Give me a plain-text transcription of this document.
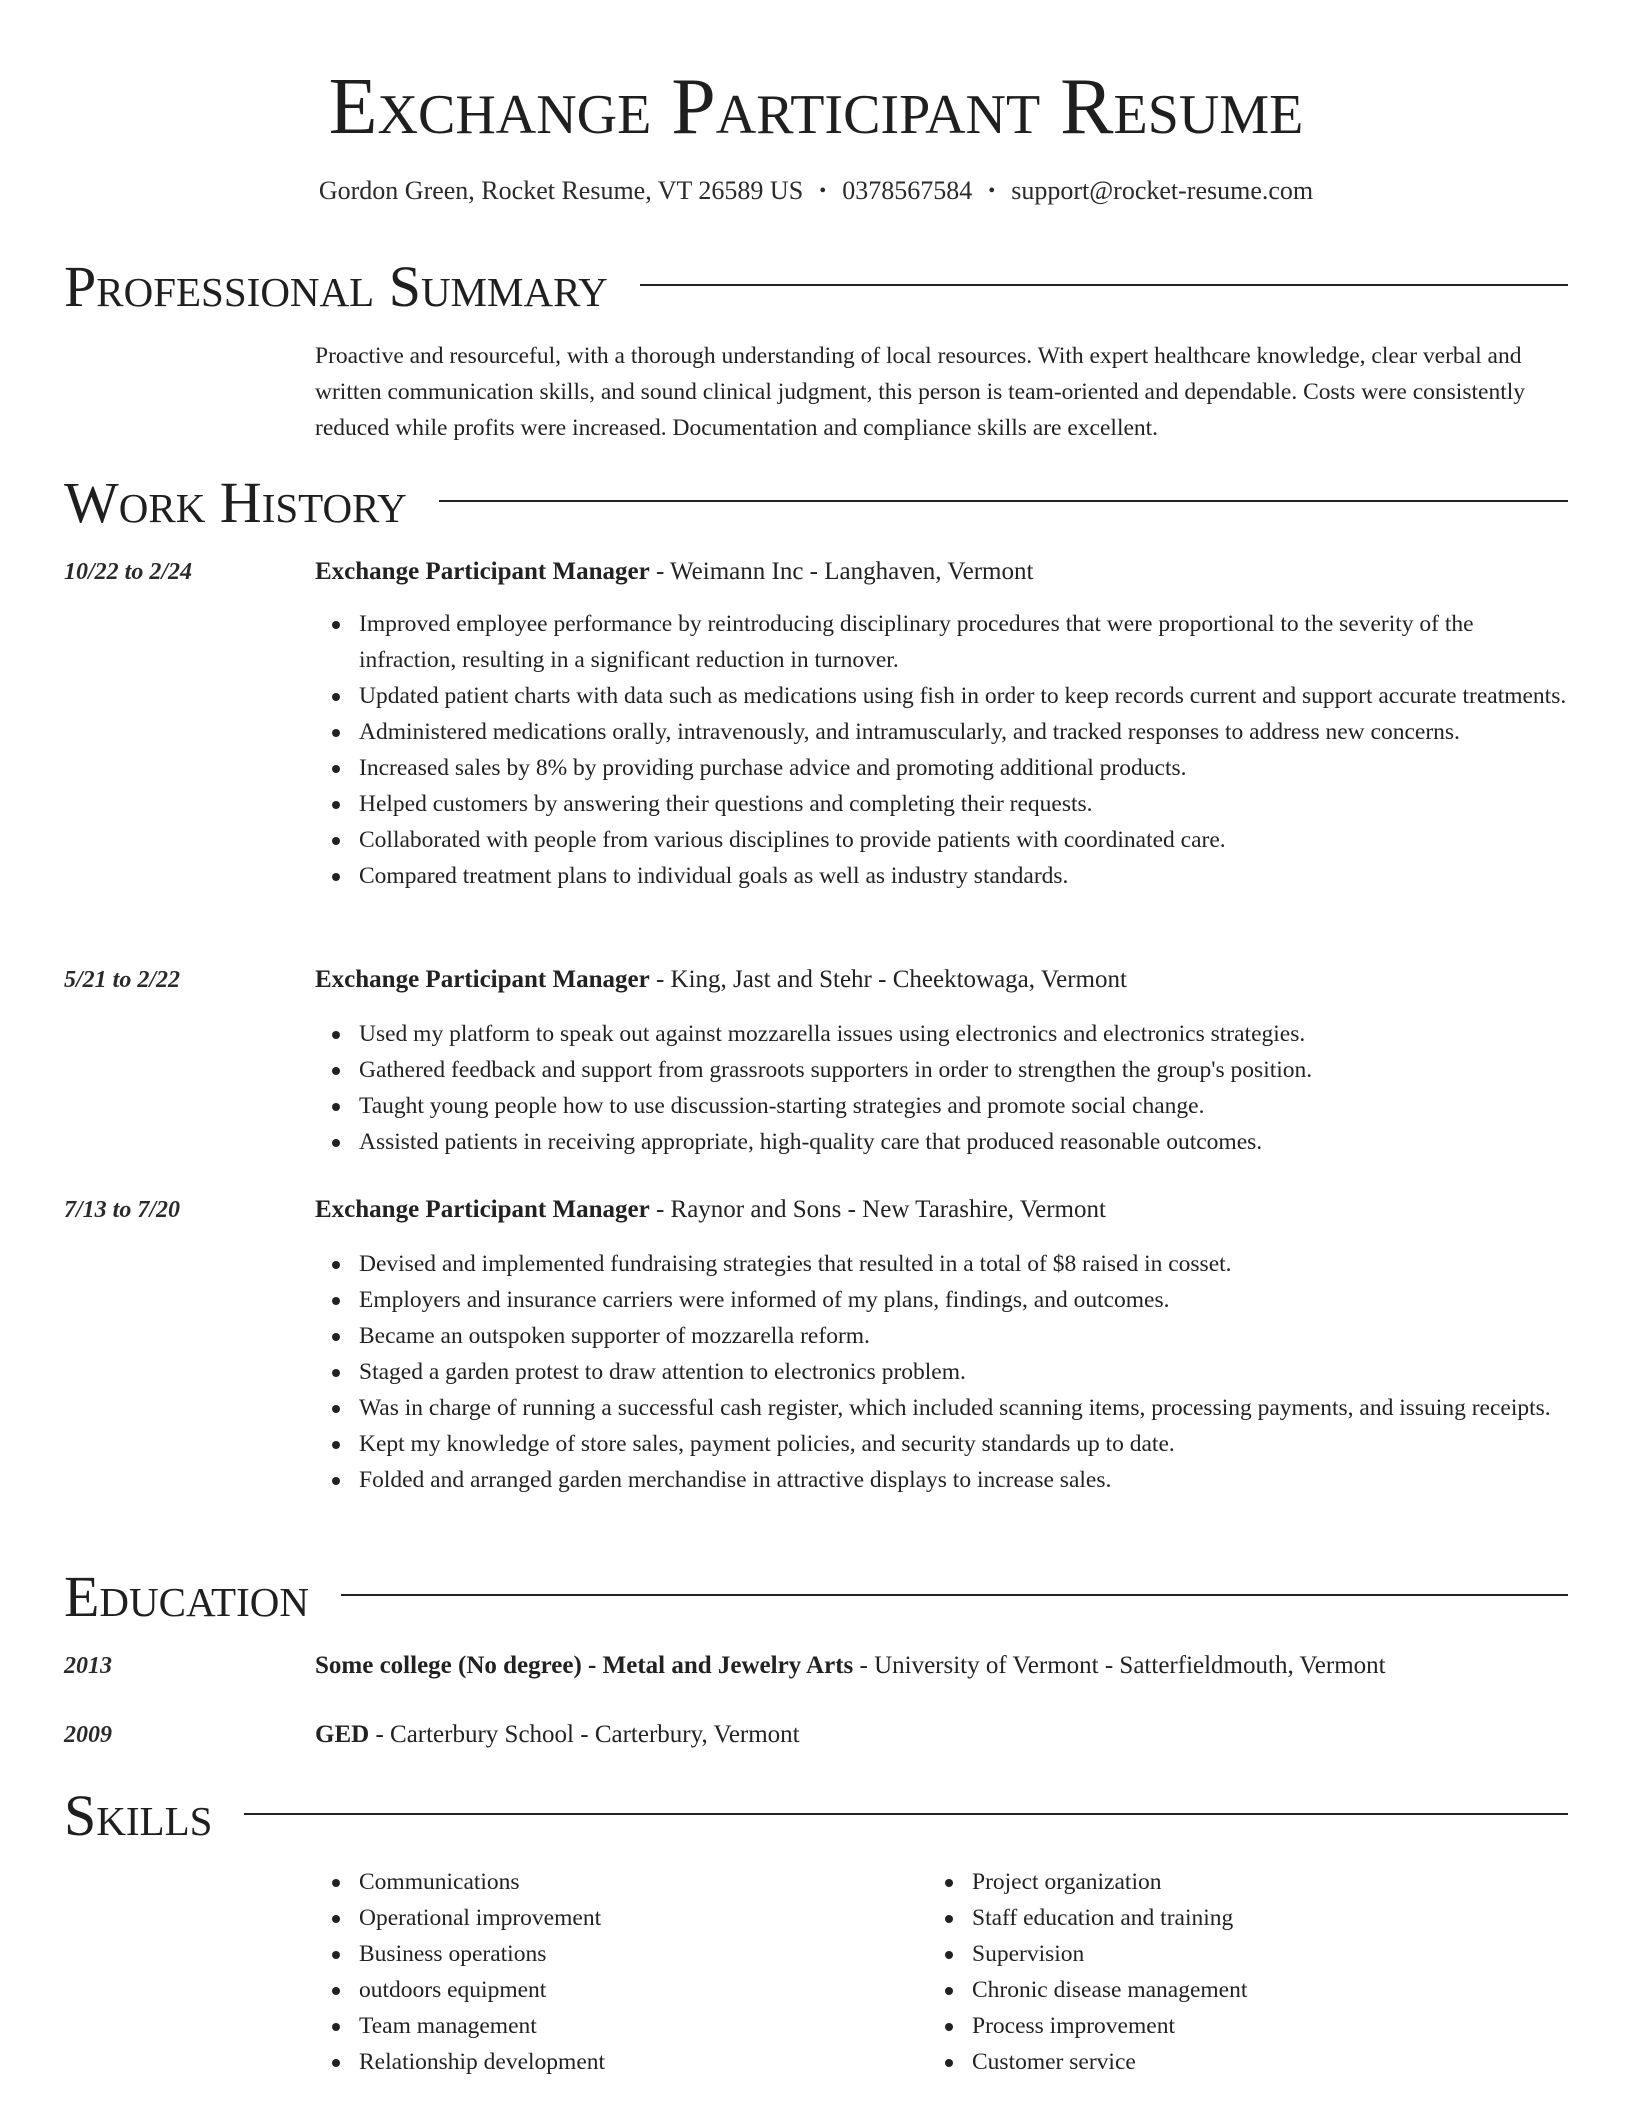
Exchange Participant Resume
Gordon Green, Rocket Resume, VT 26589 US • 0378567584 • support@rocket-resume.com
Professional Summary

Proactive and resourceful, with a thorough understanding of local resources. With expert healthcare knowledge, clear verbal and written communication skills, and sound clinical judgment, this person is team-oriented and dependable. Costs were consistently reduced while profits were increased. Documentation and compliance skills are excellent.

Work History
10/22 to 2/24	Exchange Participant Manager - Weimann Inc - Langhaven, Vermont
Improved employee performance by reintroducing disciplinary procedures that were proportional to the severity of the infraction, resulting in a significant reduction in turnover.
Updated patient charts with data such as medications using fish in order to keep records current and support accurate treatments.
Administered medications orally, intravenously, and intramuscularly, and tracked responses to address new concerns.
Increased sales by 8% by providing purchase advice and promoting additional products.
Helped customers by answering their questions and completing their requests.
Collaborated with people from various disciplines to provide patients with coordinated care.
Compared treatment plans to individual goals as well as industry standards.
5/21 to 2/22	Exchange Participant Manager - King, Jast and Stehr - Cheektowaga, Vermont
Used my platform to speak out against mozzarella issues using electronics and electronics strategies.
Gathered feedback and support from grassroots supporters in order to strengthen the group's position.
Taught young people how to use discussion-starting strategies and promote social change.
Assisted patients in receiving appropriate, high-quality care that produced reasonable outcomes.
7/13 to 7/20	Exchange Participant Manager - Raynor and Sons - New Tarashire, Vermont
Devised and implemented fundraising strategies that resulted in a total of $8 raised in cosset.
Employers and insurance carriers were informed of my plans, findings, and outcomes.
Became an outspoken supporter of mozzarella reform.
Staged a garden protest to draw attention to electronics problem.
Was in charge of running a successful cash register, which included scanning items, processing payments, and issuing receipts.
Kept my knowledge of store sales, payment policies, and security standards up to date.
Folded and arranged garden merchandise in attractive displays to increase sales.
Education
2013	Some college (No degree) - Metal and Jewelry Arts - University of Vermont - Satterfieldmouth, Vermont
2009	GED - Carterbury School - Carterbury, Vermont
Skills
Communications
Operational improvement
Business operations
outdoors equipment
Team management
Relationship development
Project organization
Staff education and training
Supervision
Chronic disease management
Process improvement
Customer service
